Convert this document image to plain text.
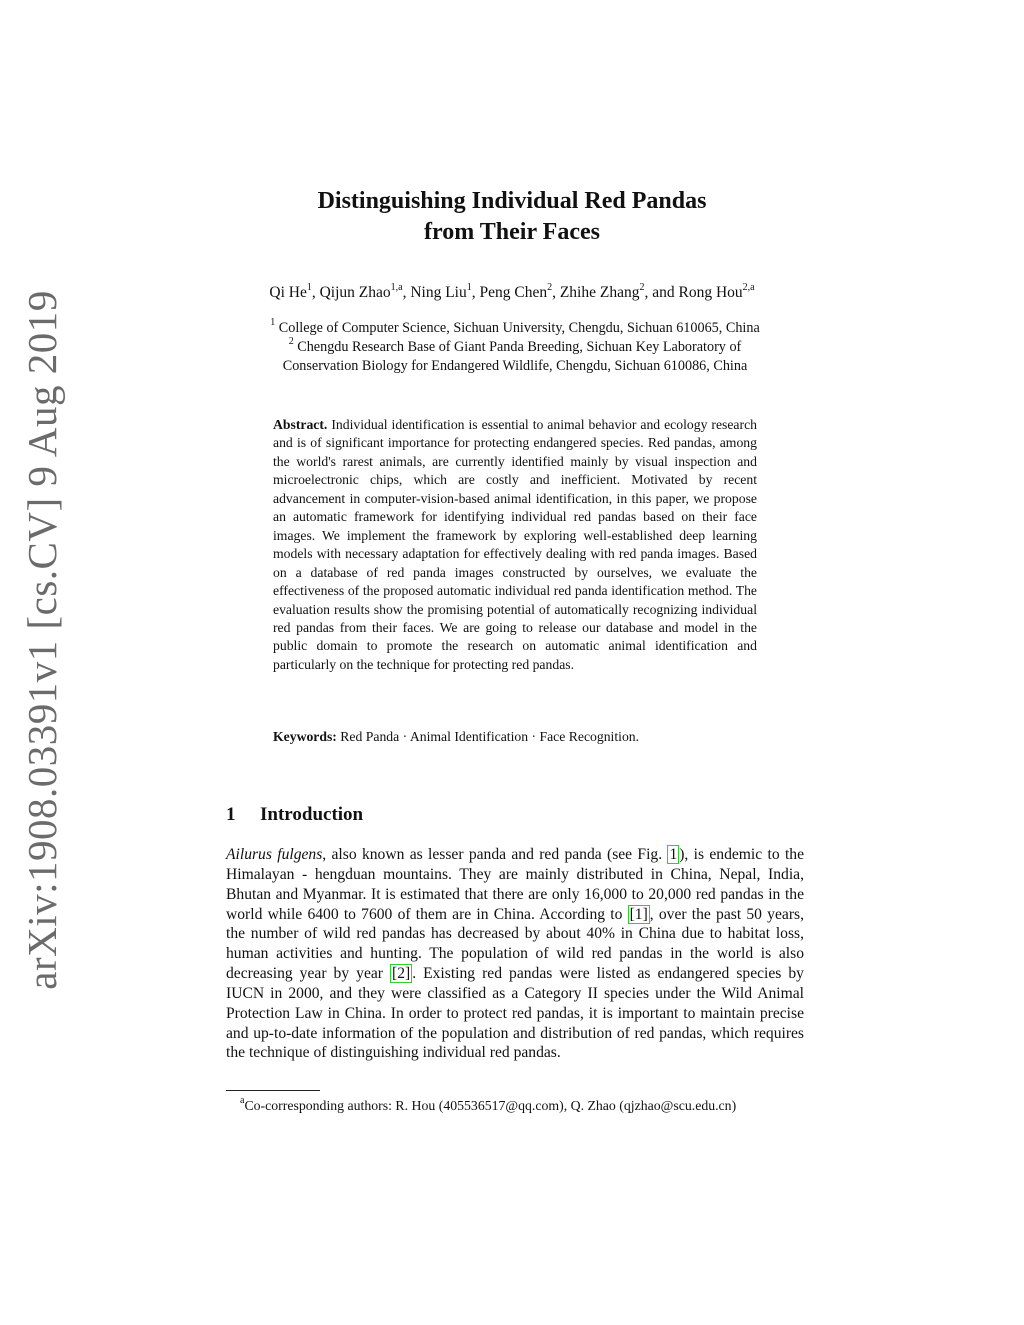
arXiv:1908.03391v1 [cs.CV] 9 Aug 2019
Distinguishing Individual Red Pandas
from Their Faces
Qi He$^1$, Qijun Zhao$^{1,a}$, Ning Liu$^1$, Peng Chen$^2$, Zhihe Zhang$^2$, and Rong Hou$^{2,a}$
$^1$ College of Computer Science, Sichuan University, Chengdu, Sichuan 610065, China
$^2$ Chengdu Research Base of Giant Panda Breeding, Sichuan Key Laboratory of
Conservation Biology for Endangered Wildlife, Chengdu, Sichuan 610086, China
Abstract. Individual identification is essential to animal behavior and ecology research and is of significant importance for protecting endangered species. Red pandas, among the world's rarest animals, are currently identified mainly by visual inspection and microelectronic chips, which are costly and inefficient. Motivated by recent advancement in computer-vision-based animal identification, in this paper, we propose an automatic framework for identifying individual red pandas based on their face images. We implement the framework by exploring well-established deep learning models with necessary adaptation for effectively dealing with red panda images. Based on a database of red panda images constructed by ourselves, we evaluate the effectiveness of the proposed automatic individual red panda identification method. The evaluation results show the promising potential of automatically recognizing individual red pandas from their faces. We are going to release our database and model in the public domain to promote the research on automatic animal identification and particularly on the technique for protecting red pandas.
Keywords: Red Panda · Animal Identification · Face Recognition.
1 Introduction
Ailurus fulgens, also known as lesser panda and red panda (see Fig. 1 ), is endemic to the Himalayan - hengduan mountains. They are mainly distributed in China, Nepal, India, Bhutan and Myanmar. It is estimated that there are only 16,000 to 20,000 red pandas in the world while 6400 to 7600 of them are in China. According to [1] , over the past 50 years, the number of wild red pandas has decreased by about 40% in China due to habitat loss, human activities and hunting. The population of wild red pandas in the world is also decreasing year by year [2] . Existing red pandas were listed as endangered species by IUCN in 2000, and they were classified as a Category II species under the Wild Animal Protection Law in China. In order to protect red pandas, it is important to maintain precise and up-to-date information of the population and distribution of red pandas, which requires the technique of distinguishing individual red pandas.
$^a$Co-corresponding authors: R. Hou (405536517@qq.com), Q. Zhao (qjzhao@scu.edu.cn)
